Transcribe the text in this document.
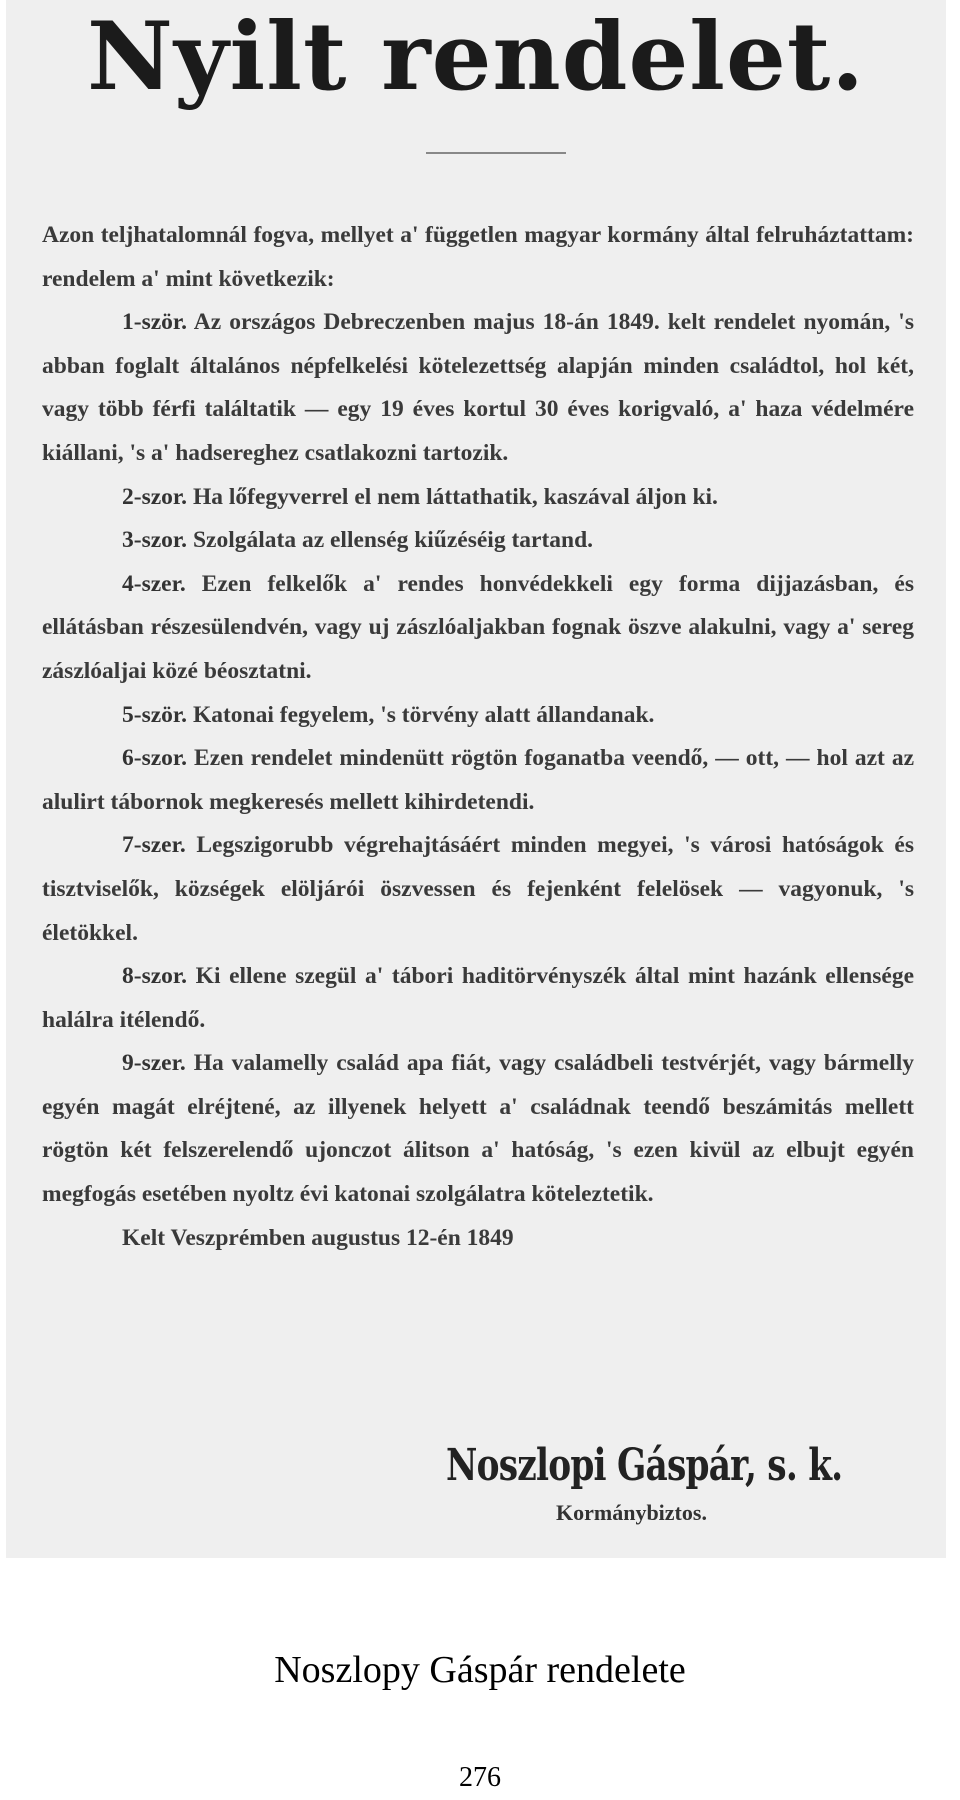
Nyilt rendelet.

Azon teljhatalomnál fogva, mellyet a' független magyar kormány által felruháztattam: rendelem a' mint következik:

1-ször. Az országos Debreczenben majus 18-án 1849. kelt rendelet nyomán, 's abban foglalt általános népfelkelési kötelezettség alapján minden családtol, hol két, vagy több férfi találtatik — egy 19 éves kortul 30 éves korigvaló, a' haza védelmére kiállani, 's a' hadsereghez csatlakozni tartozik.

2-szor. Ha lőfegyverrel el nem láttathatik, kaszával áljon ki.

3-szor. Szolgálata az ellenség kiűzéséig tartand.

4-szer. Ezen felkelők a' rendes honvédekkeli egy forma dijjazásban, és ellátásban részesülendvén, vagy uj zászlóaljakban fognak öszve alakulni, vagy a' sereg zászlóaljai közé béosztatni.

5-ször. Katonai fegyelem, 's törvény alatt állandanak.

6-szor. Ezen rendelet mindenütt rögtön foganatba veendő, — ott, — hol azt az alulirt tábornok megkeresés mellett kihirdetendi.

7-szer. Legszigorubb végrehajtásáért minden megyei, 's városi hatóságok és tisztviselők, községek elöljárói öszvessen és fejenként felelösek — vagyonuk, 's életökkel.

8-szor. Ki ellene szegül a' tábori haditörvényszék által mint hazánk ellensége halálra itélendő.

9-szer. Ha valamelly család apa fiát, vagy családbeli testvérjét, vagy bármelly egyén magát elréjtené, az illyenek helyett a' családnak teendő beszámitás mellett rögtön két felszerelendő ujonczot álitson a' hatóság, 's ezen kivül az elbujt egyén megfogás esetében nyoltz évi katonai szolgálatra köteleztetik.

Kelt Veszprémben augustus 12-én 1849

Noszlopi Gáspár, s. k.
Kormánybiztos.
Noszlopy Gáspár rendelete
276
